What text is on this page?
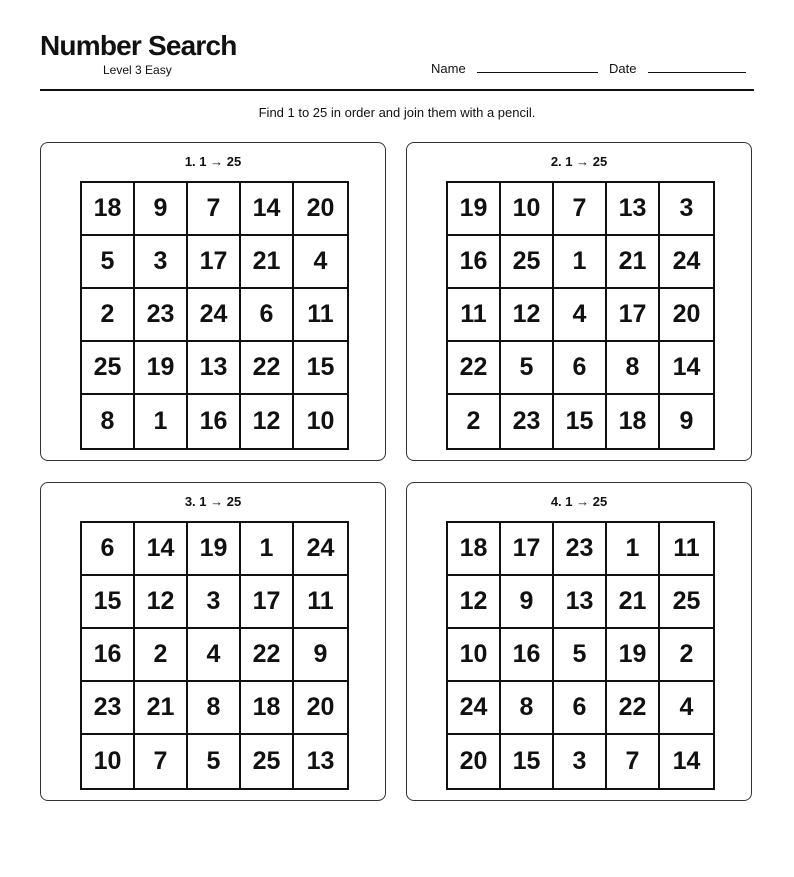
Number Search
Level 3 Easy	Name	Date
Find 1 to 25 in order and join them with a pencil.
1. 1 → 25
18	9	7	14	20
5	3	17	21	4
2	23	24	6	11
25	19	13	22	15
8	1	16	12	10
2. 1 → 25
19	10	7	13	3
16	25	1	21	24
11	12	4	17	20
22	5	6	8	14
2	23	15	18	9
3. 1 → 25
6	14	19	1	24
15	12	3	17	11
16	2	4	22	9
23	21	8	18	20
10	7	5	25	13
4. 1 → 25
18	17	23	1	11
12	9	13	21	25
10	16	5	19	2
24	8	6	22	4
20	15	3	7	14
